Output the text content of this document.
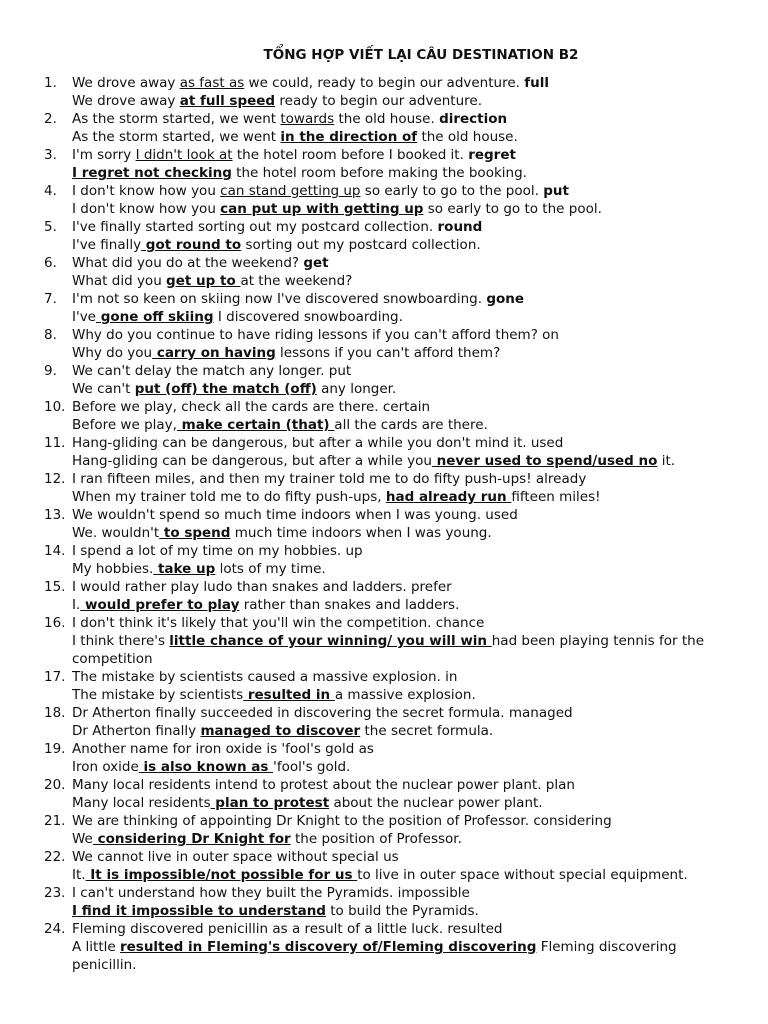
TỔNG HỢP VIẾT LẠI CÂU DESTINATION B2
1. We drove away as fast as we could, ready to begin our adventure. full
We drove away at full speed ready to begin our adventure.
2. As the storm started, we went towards the old house. direction
As the storm started, we went in the direction of the old house.
3. I'm sorry I didn't look at the hotel room before I booked it. regret
I regret not checking the hotel room before making the booking.
4. I don't know how you can stand getting up so early to go to the pool. put
I don't know how you can put up with getting up so early to go to the pool.
5. I've finally started sorting out my postcard collection. round
I've finally got round to sorting out my postcard collection.
6. What did you do at the weekend? get
What did you get up to at the weekend?
7. I'm not so keen on skiing now I've discovered snowboarding. gone
I've gone off skiing I discovered snowboarding.
8. Why do you continue to have riding lessons if you can't afford them? on
Why do you carry on having lessons if you can't afford them?
9. We can't delay the match any longer. put
We can't put (off) the match (off) any longer.
10. Before we play, check all the cards are there. certain
Before we play, make certain (that) all the cards are there.
11. Hang-gliding can be dangerous, but after a while you don't mind it. used
Hang-gliding can be dangerous, but after a while you never used to spend/used no it.
12. I ran fifteen miles, and then my trainer told me to do fifty push-ups! already
When my trainer told me to do fifty push-ups, had already run fifteen miles!
13. We wouldn't spend so much time indoors when I was young. used
We. wouldn't to spend much time indoors when I was young.
14. I spend a lot of my time on my hobbies. up
My hobbies. take up lots of my time.
15. I would rather play ludo than snakes and ladders. prefer
I. would prefer to play rather than snakes and ladders.
16. I don't think it's likely that you'll win the competition. chance
I think there's little chance of your winning/ you will win had been playing tennis for the competition
17. The mistake by scientists caused a massive explosion. in
The mistake by scientists resulted in a massive explosion.
18. Dr Atherton finally succeeded in discovering the secret formula. managed
Dr Atherton finally managed to discover the secret formula.
19. Another name for iron oxide is 'fool's gold as
Iron oxide is also known as 'fool's gold.
20. Many local residents intend to protest about the nuclear power plant. plan
Many local residents plan to protest about the nuclear power plant.
21. We are thinking of appointing Dr Knight to the position of Professor. considering
We considering Dr Knight for the position of Professor.
22. We cannot live in outer space without special us
It. It is impossible/not possible for us to live in outer space without special equipment.
23. I can't understand how they built the Pyramids. impossible
I find it impossible to understand to build the Pyramids.
24. Fleming discovered penicillin as a result of a little luck. resulted
A little resulted in Fleming's discovery of/Fleming discovering Fleming discovering penicillin.
